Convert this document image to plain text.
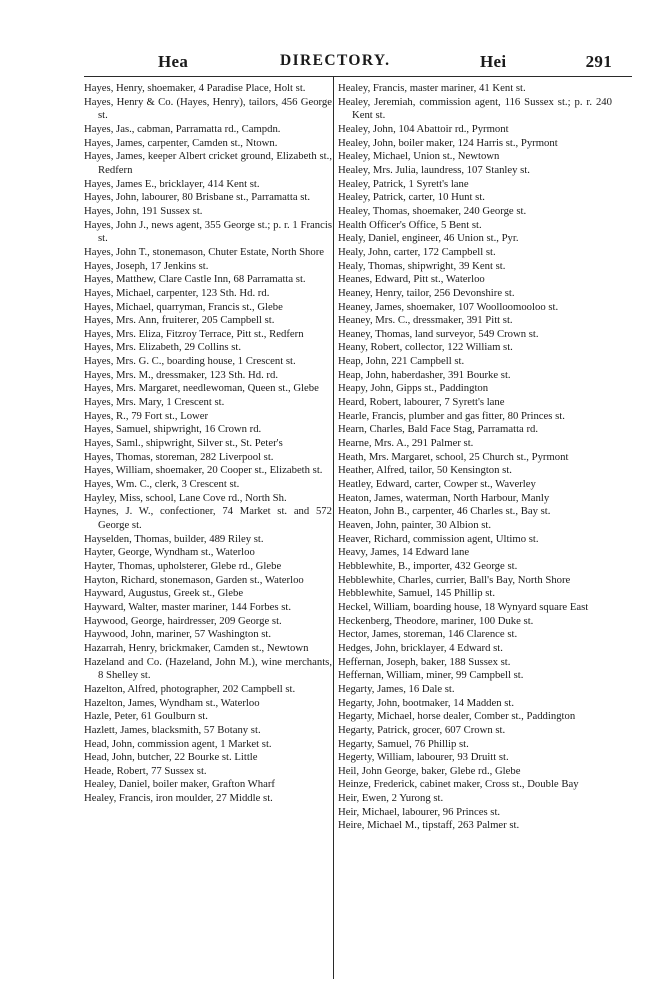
Hea	DIRECTORY.	Hei	291
Hayes, Henry, shoemaker, 4 Paradise Place, Holt st.
Hayes, Henry & Co. (Hayes, Henry), tailors, 456 George st.
Hayes, Jas., cabman, Parramatta rd., Campdn.
Hayes, James, carpenter, Camden st., Ntown.
Hayes, James, keeper Albert cricket ground, Elizabeth st., Redfern
Hayes, James E., bricklayer, 414 Kent st.
Hayes, John, labourer, 80 Brisbane st., Parramatta st.
Hayes, John, 191 Sussex st.
Hayes, John J., news agent, 355 George st.; p. r. 1 Francis st.
Hayes, John T., stonemason, Chuter Estate, North Shore
Hayes, Joseph, 17 Jenkins st.
Hayes, Matthew, Clare Castle Inn, 68 Parramatta st.
Hayes, Michael, carpenter, 123 Sth. Hd. rd.
Hayes, Michael, quarryman, Francis st., Glebe
Hayes, Mrs. Ann, fruiterer, 205 Campbell st.
Hayes, Mrs. Eliza, Fitzroy Terrace, Pitt st., Redfern
Hayes, Mrs. Elizabeth, 29 Collins st.
Hayes, Mrs. G. C., boarding house, 1 Crescent st.
Hayes, Mrs. M., dressmaker, 123 Sth. Hd. rd.
Hayes, Mrs. Margaret, needlewoman, Queen st., Glebe
Hayes, Mrs. Mary, 1 Crescent st.
Hayes, R., 79 Fort st., Lower
Hayes, Samuel, shipwright, 16 Crown rd.
Hayes, Saml., shipwright, Silver st., St. Peter's
Hayes, Thomas, storeman, 282 Liverpool st.
Hayes, William, shoemaker, 20 Cooper st., Elizabeth st.
Hayes, Wm. C., clerk, 3 Crescent st.
Hayley, Miss, school, Lane Cove rd., North Sh.
Haynes, J. W., confectioner, 74 Market st. and 572 George st.
Hayselden, Thomas, builder, 489 Riley st.
Hayter, George, Wyndham st., Waterloo
Hayter, Thomas, upholsterer, Glebe rd., Glebe
Hayton, Richard, stonemason, Garden st., Waterloo
Hayward, Augustus, Greek st., Glebe
Hayward, Walter, master mariner, 144 Forbes st.
Haywood, George, hairdresser, 209 George st.
Haywood, John, mariner, 57 Washington st.
Hazarrah, Henry, brickmaker, Camden st., Newtown
Hazeland and Co. (Hazeland, John M.), wine merchants, 8 Shelley st.
Hazelton, Alfred, photographer, 202 Campbell st.
Hazelton, James, Wyndham st., Waterloo
Hazle, Peter, 61 Goulburn st.
Hazlett, James, blacksmith, 57 Botany st.
Head, John, commission agent, 1 Market st.
Head, John, butcher, 22 Bourke st. Little
Heade, Robert, 77 Sussex st.
Healey, Daniel, boiler maker, Grafton Wharf
Healey, Francis, iron moulder, 27 Middle st.
Healey, Francis, master mariner, 41 Kent st.
Healey, Jeremiah, commission agent, 116 Sussex st.; p. r. 240 Kent st.
Healey, John, 104 Abattoir rd., Pyrmont
Healey, John, boiler maker, 124 Harris st., Pyrmont
Healey, Michael, Union st., Newtown
Healey, Mrs. Julia, laundress, 107 Stanley st.
Healey, Patrick, 1 Syrett's lane
Healey, Patrick, carter, 10 Hunt st.
Healey, Thomas, shoemaker, 240 George st.
Health Officer's Office, 5 Bent st.
Healy, Daniel, engineer, 46 Union st., Pyr.
Healy, John, carter, 172 Campbell st.
Healy, Thomas, shipwright, 39 Kent st.
Heanes, Edward, Pitt st., Waterloo
Heaney, Henry, tailor, 256 Devonshire st.
Heaney, James, shoemaker, 107 Woolloomooloo st.
Heaney, Mrs. C., dressmaker, 391 Pitt st.
Heaney, Thomas, land surveyor, 549 Crown st.
Heany, Robert, collector, 122 William st.
Heap, John, 221 Campbell st.
Heap, John, haberdasher, 391 Bourke st.
Heapy, John, Gipps st., Paddington
Heard, Robert, labourer, 7 Syrett's lane
Hearle, Francis, plumber and gas fitter, 80 Princes st.
Hearn, Charles, Bald Face Stag, Parramatta rd.
Hearne, Mrs. A., 291 Palmer st.
Heath, Mrs. Margaret, school, 25 Church st., Pyrmont
Heather, Alfred, tailor, 50 Kensington st.
Heatley, Edward, carter, Cowper st., Waverley
Heaton, James, waterman, North Harbour, Manly
Heaton, John B., carpenter, 46 Charles st., Bay st.
Heaven, John, painter, 30 Albion st.
Heaver, Richard, commission agent, Ultimo st.
Heavy, James, 14 Edward lane
Hebblewhite, B., importer, 432 George st.
Hebblewhite, Charles, currier, Ball's Bay, North Shore
Hebblewhite, Samuel, 145 Phillip st.
Heckel, William, boarding house, 18 Wynyard square East
Heckenberg, Theodore, mariner, 100 Duke st.
Hector, James, storeman, 146 Clarence st.
Hedges, John, bricklayer, 4 Edward st.
Heffernan, Joseph, baker, 188 Sussex st.
Heffernan, William, miner, 99 Campbell st.
Hegarty, James, 16 Dale st.
Hegarty, John, bootmaker, 14 Madden st.
Hegarty, Michael, horse dealer, Comber st., Paddington
Hegarty, Patrick, grocer, 607 Crown st.
Hegarty, Samuel, 76 Phillip st.
Hegerty, William, labourer, 93 Druitt st.
Heil, John George, baker, Glebe rd., Glebe
Heinze, Frederick, cabinet maker, Cross st., Double Bay
Heir, Ewen, 2 Yurong st.
Heir, Michael, labourer, 96 Princes st.
Heire, Michael M., tipstaff, 263 Palmer st.
